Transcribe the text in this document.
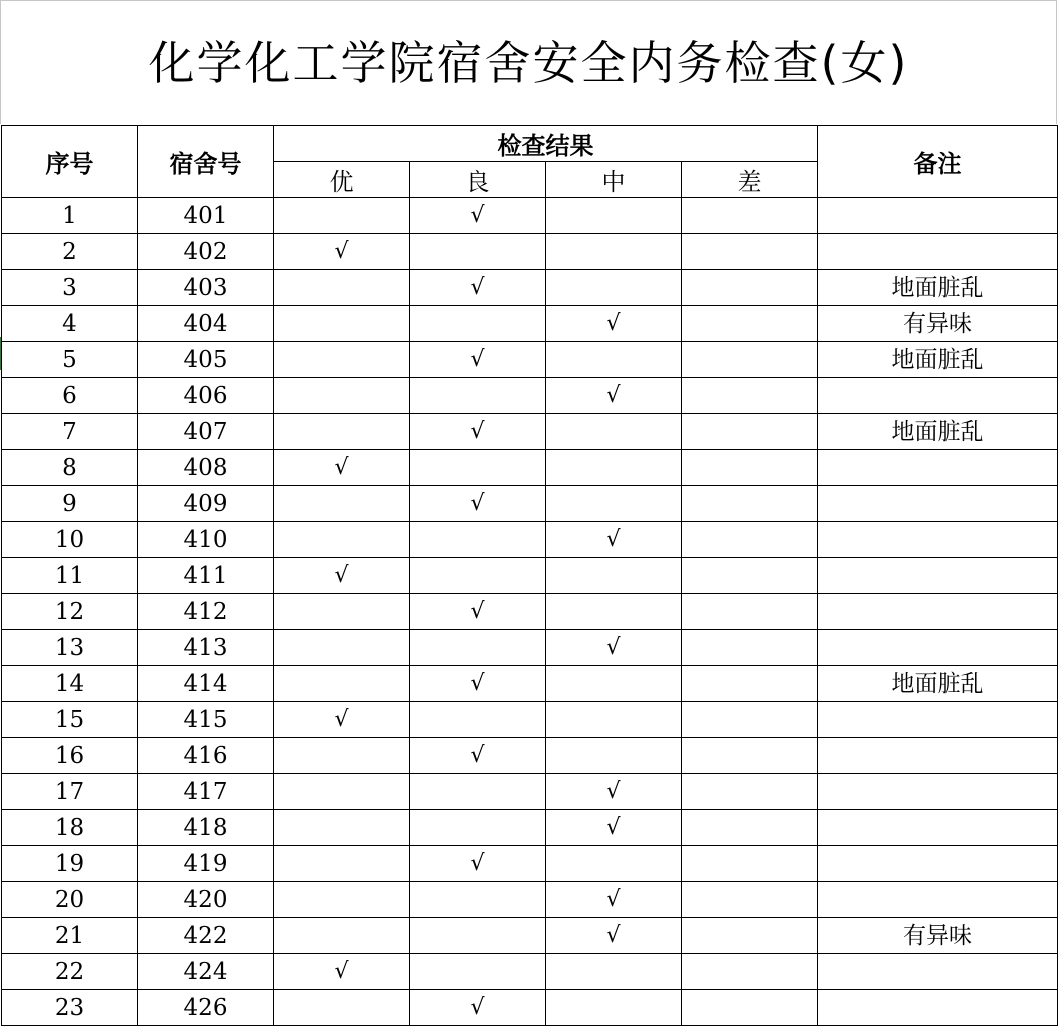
化学化工学院宿舍安全内务检查(女)
序号	宿舍号	检查结果				备注
		优	良	中	差	
1	401		√			
2	402	√				
3	403		√			地面脏乱
4	404			√		有异味
5	405		√			地面脏乱
6	406			√		
7	407		√			地面脏乱
8	408	√				
9	409		√			
10	410			√		
11	411	√				
12	412		√			
13	413			√		
14	414		√			地面脏乱
15	415	√				
16	416		√			
17	417			√		
18	418			√		
19	419		√			
20	420			√		
21	422			√		有异味
22	424	√				
23	426		√			
